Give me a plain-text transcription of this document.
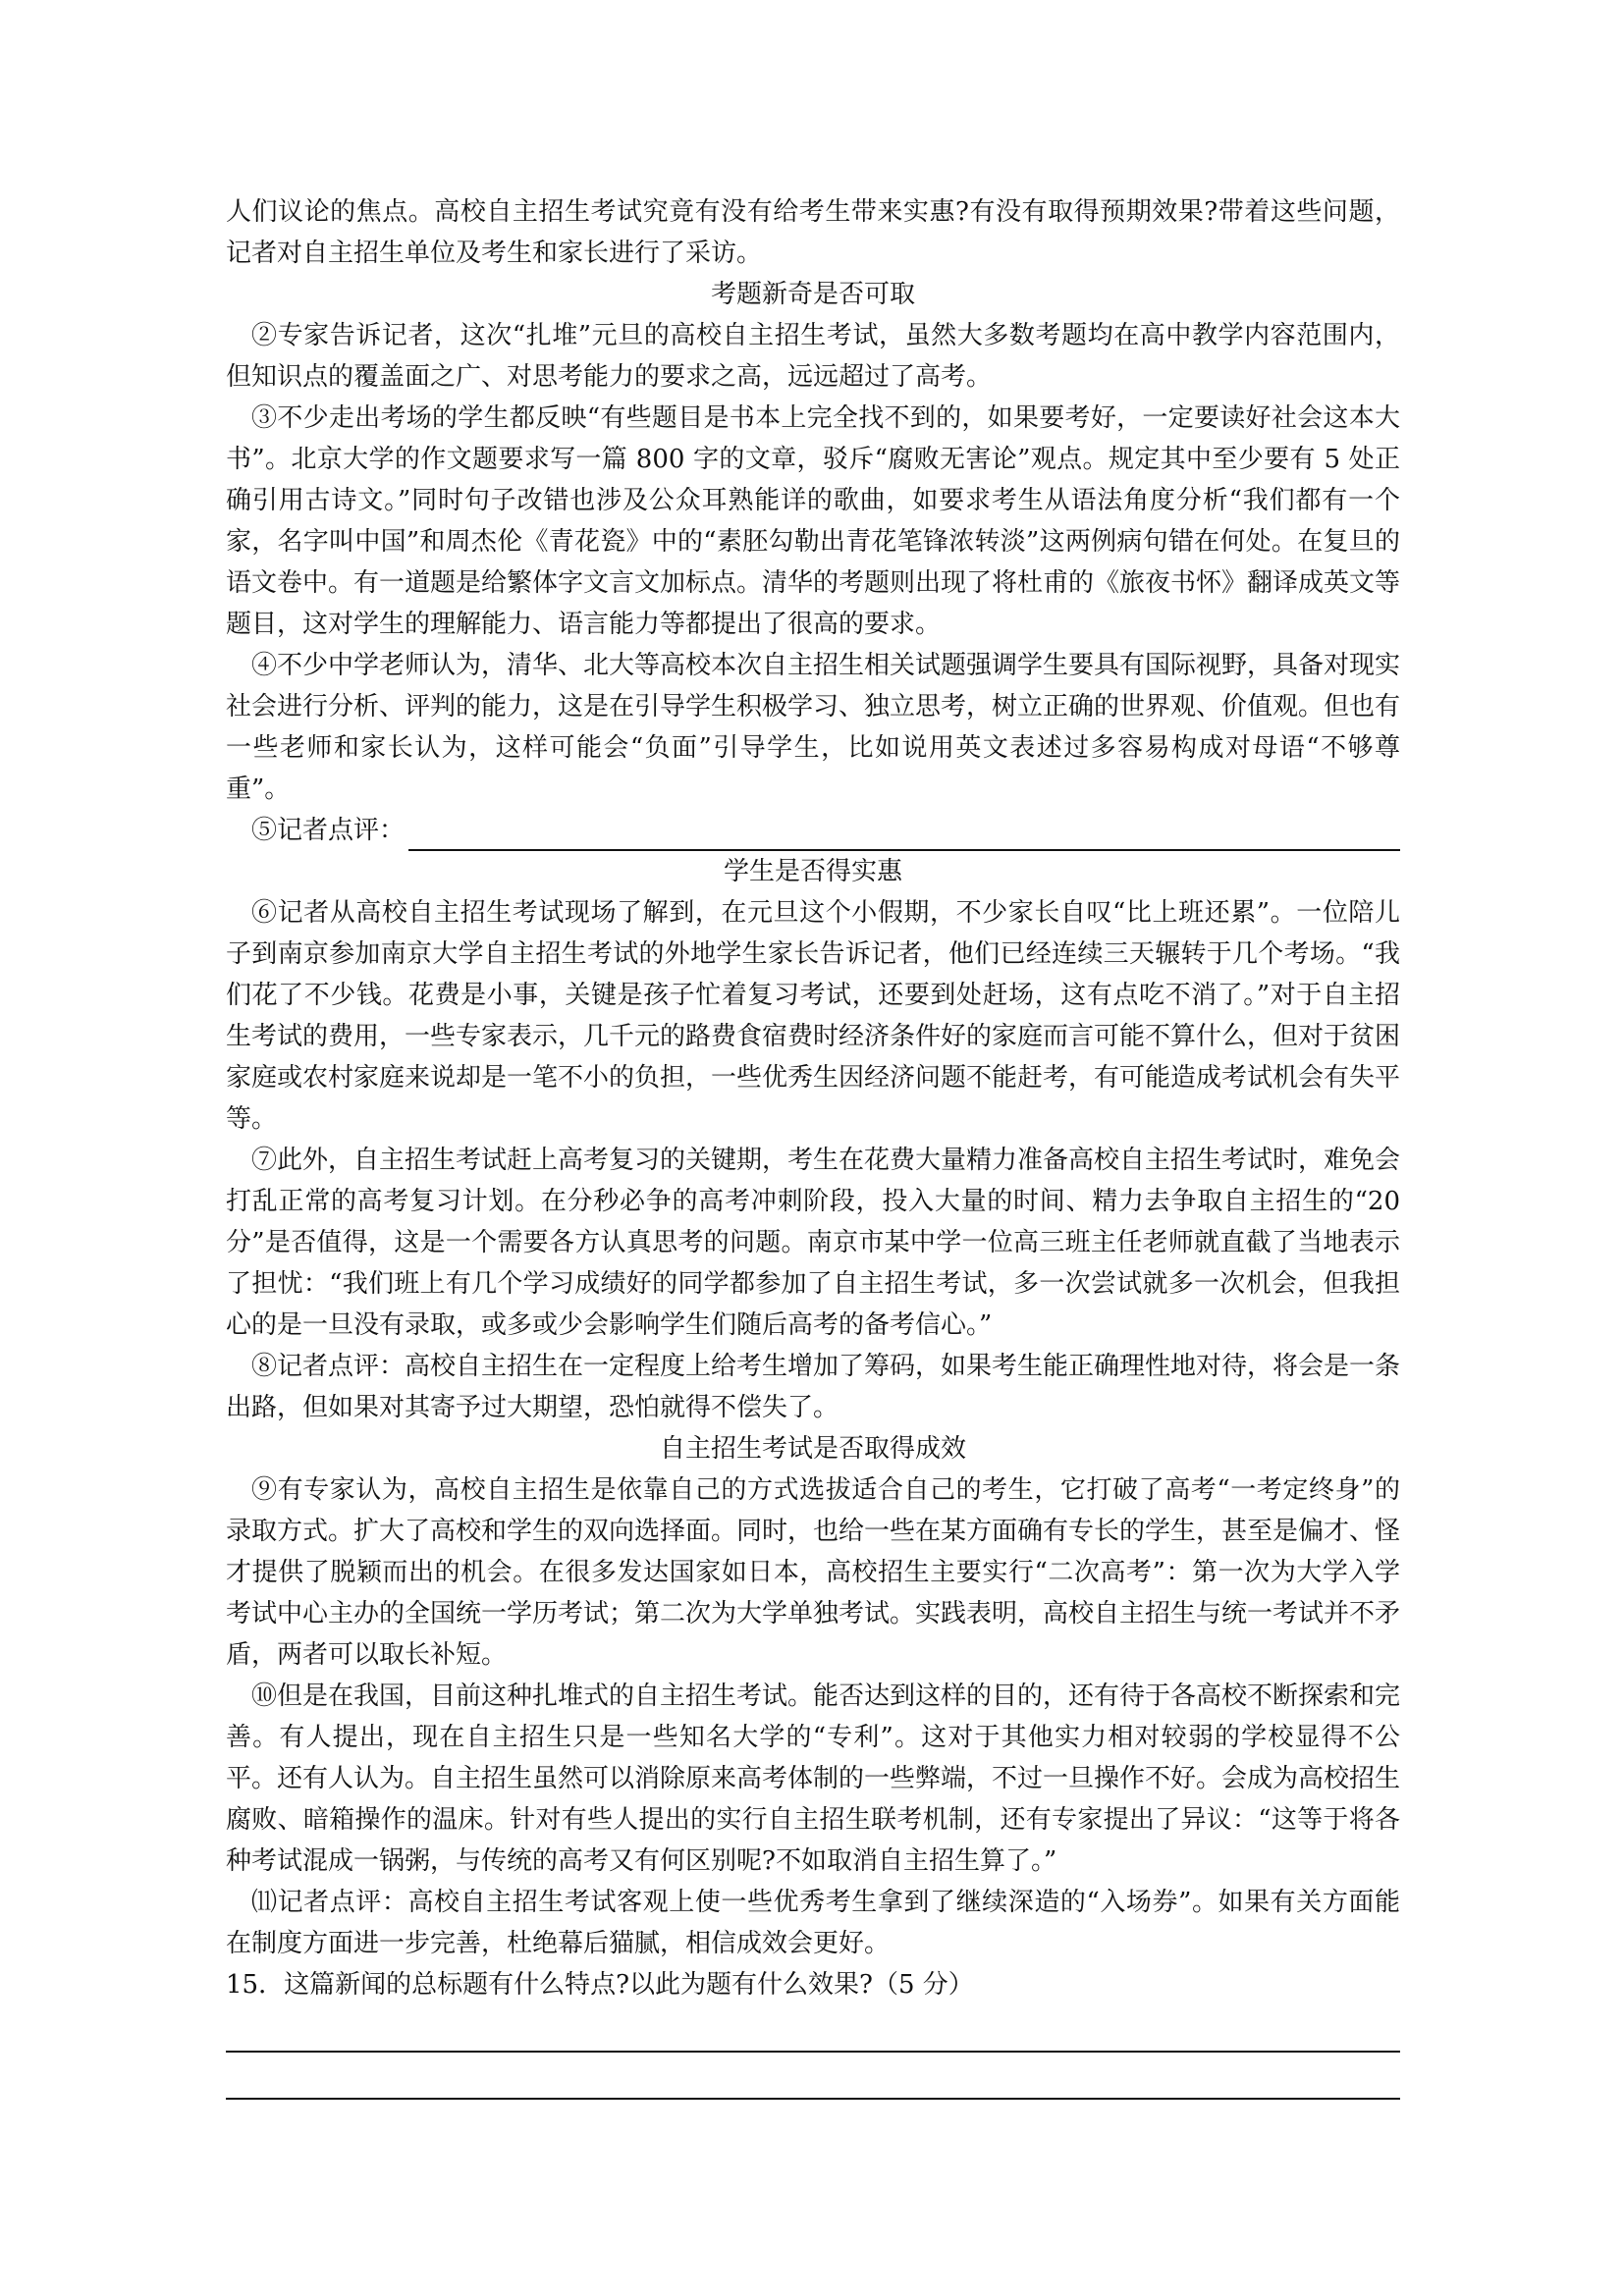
人们议论的焦点。高校自主招生考试究竟有没有给考生带来实惠?有没有取得预期效果?带着这些问题，记者对自主招生单位及考生和家长进行了采访。

考题新奇是否可取

②专家告诉记者，这次“扎堆”元旦的高校自主招生考试，虽然大多数考题均在高中教学内容范围内，但知识点的覆盖面之广、对思考能力的要求之高，远远超过了高考。

③不少走出考场的学生都反映“有些题目是书本上完全找不到的，如果要考好，一定要读好社会这本大书”。北京大学的作文题要求写一篇 800 字的文章，驳斥“腐败无害论”观点。规定其中至少要有 5 处正确引用古诗文。”同时句子改错也涉及公众耳熟能详的歌曲，如要求考生从语法角度分析“我们都有一个家，名字叫中国”和周杰伦《青花瓷》中的“素胚勾勒出青花笔锋浓转淡”这两例病句错在何处。在复旦的语文卷中。有一道题是给繁体字文言文加标点。清华的考题则出现了将杜甫的《旅夜书怀》翻译成英文等题目，这对学生的理解能力、语言能力等都提出了很高的要求。

④不少中学老师认为，清华、北大等高校本次自主招生相关试题强调学生要具有国际视野，具备对现实社会进行分析、评判的能力，这是在引导学生积极学习、独立思考，树立正确的世界观、价值观。但也有一些老师和家长认为，这样可能会“负面”引导学生，比如说用英文表述过多容易构成对母语“不够尊重”。

⑤记者点评：

学生是否得实惠

⑥记者从高校自主招生考试现场了解到，在元旦这个小假期，不少家长自叹“比上班还累”。一位陪儿子到南京参加南京大学自主招生考试的外地学生家长告诉记者，他们已经连续三天辗转于几个考场。“我们花了不少钱。花费是小事，关键是孩子忙着复习考试，还要到处赶场，这有点吃不消了。”对于自主招生考试的费用，一些专家表示，几千元的路费食宿费时经济条件好的家庭而言可能不算什么，但对于贫困家庭或农村家庭来说却是一笔不小的负担，一些优秀生因经济问题不能赶考，有可能造成考试机会有失平等。

⑦此外，自主招生考试赶上高考复习的关键期，考生在花费大量精力准备高校自主招生考试时，难免会打乱正常的高考复习计划。在分秒必争的高考冲刺阶段，投入大量的时间、精力去争取自主招生的“20 分”是否值得，这是一个需要各方认真思考的问题。南京市某中学一位高三班主任老师就直截了当地表示了担忧：“我们班上有几个学习成绩好的同学都参加了自主招生考试，多一次尝试就多一次机会，但我担心的是一旦没有录取，或多或少会影响学生们随后高考的备考信心。”

⑧记者点评：高校自主招生在一定程度上给考生增加了筹码，如果考生能正确理性地对待，将会是一条出路，但如果对其寄予过大期望，恐怕就得不偿失了。

自主招生考试是否取得成效

⑨有专家认为，高校自主招生是依靠自己的方式选拔适合自己的考生，它打破了高考“一考定终身”的录取方式。扩大了高校和学生的双向选择面。同时，也给一些在某方面确有专长的学生，甚至是偏才、怪才提供了脱颖而出的机会。在很多发达国家如日本，高校招生主要实行“二次高考”：第一次为大学入学考试中心主办的全国统一学历考试；第二次为大学单独考试。实践表明，高校自主招生与统一考试并不矛盾，两者可以取长补短。

⑩但是在我国，目前这种扎堆式的自主招生考试。能否达到这样的目的，还有待于各高校不断探索和完善。有人提出，现在自主招生只是一些知名大学的“专利”。这对于其他实力相对较弱的学校显得不公平。还有人认为。自主招生虽然可以消除原来高考体制的一些弊端，不过一旦操作不好。会成为高校招生腐败、暗箱操作的温床。针对有些人提出的实行自主招生联考机制，还有专家提出了异议：“这等于将各种考试混成一锅粥，与传统的高考又有何区别呢?不如取消自主招生算了。”

⑾记者点评：高校自主招生考试客观上使一些优秀考生拿到了继续深造的“入场券”。如果有关方面能在制度方面进一步完善，杜绝幕后猫腻，相信成效会更好。

15．这篇新闻的总标题有什么特点?以此为题有什么效果?（5 分）
